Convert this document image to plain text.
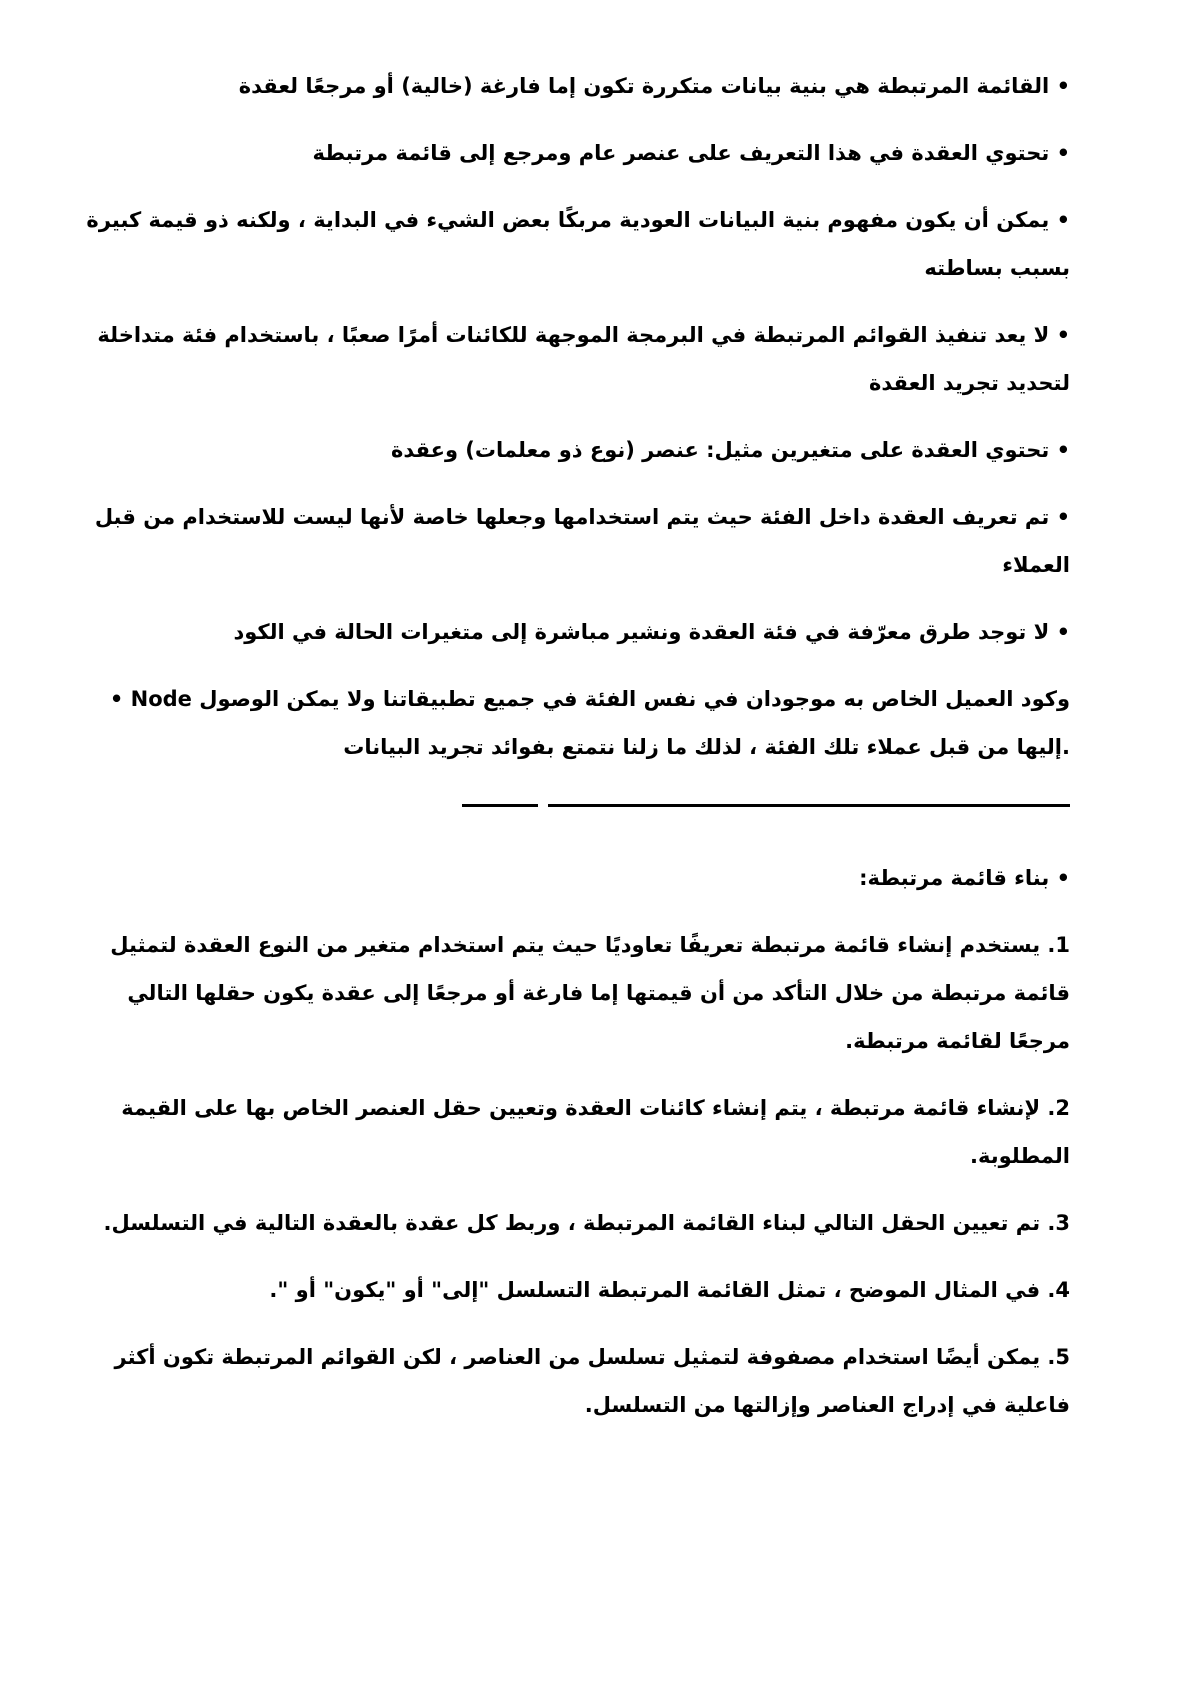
• القائمة المرتبطة هي بنية بيانات متكررة تكون إما فارغة (خالية) أو مرجعًا لعقدة

• تحتوي العقدة في هذا التعريف على عنصر عام ومرجع إلى قائمة مرتبطة

• يمكن أن يكون مفهوم بنية البيانات العودية مربكًا بعض الشيء في البداية ، ولكنه ذو قيمة كبيرة بسبب بساطته

• لا يعد تنفيذ القوائم المرتبطة في البرمجة الموجهة للكائنات أمرًا صعبًا ، باستخدام فئة متداخلة لتحديد تجريد العقدة

• تحتوي العقدة على متغيرين مثيل: عنصر (نوع ذو معلمات) وعقدة

• تم تعريف العقدة داخل الفئة حيث يتم استخدامها وجعلها خاصة لأنها ليست للاستخدام من قبل العملاء

• لا توجد طرق معرّفة في فئة العقدة ونشير مباشرة إلى متغيرات الحالة في الكود

• Node وكود العميل الخاص به موجودان في نفس الفئة في جميع تطبيقاتنا ولا يمكن الوصول إليها من قبل عملاء تلك الفئة ، لذلك ما زلنا نتمتع بفوائد تجريد البيانات.

• بناء قائمة مرتبطة:

1. يستخدم إنشاء قائمة مرتبطة تعريفًا تعاوديًا حيث يتم استخدام متغير من النوع العقدة لتمثيل قائمة مرتبطة من خلال التأكد من أن قيمتها إما فارغة أو مرجعًا إلى عقدة يكون حقلها التالي مرجعًا لقائمة مرتبطة.

2. لإنشاء قائمة مرتبطة ، يتم إنشاء كائنات العقدة وتعيين حقل العنصر الخاص بها على القيمة المطلوبة.

3. تم تعيين الحقل التالي لبناء القائمة المرتبطة ، وربط كل عقدة بالعقدة التالية في التسلسل.

4. في المثال الموضح ، تمثل القائمة المرتبطة التسلسل "إلى" أو "يكون" أو ".

5. يمكن أيضًا استخدام مصفوفة لتمثيل تسلسل من العناصر ، لكن القوائم المرتبطة تكون أكثر فاعلية في إدراج العناصر وإزالتها من التسلسل.
